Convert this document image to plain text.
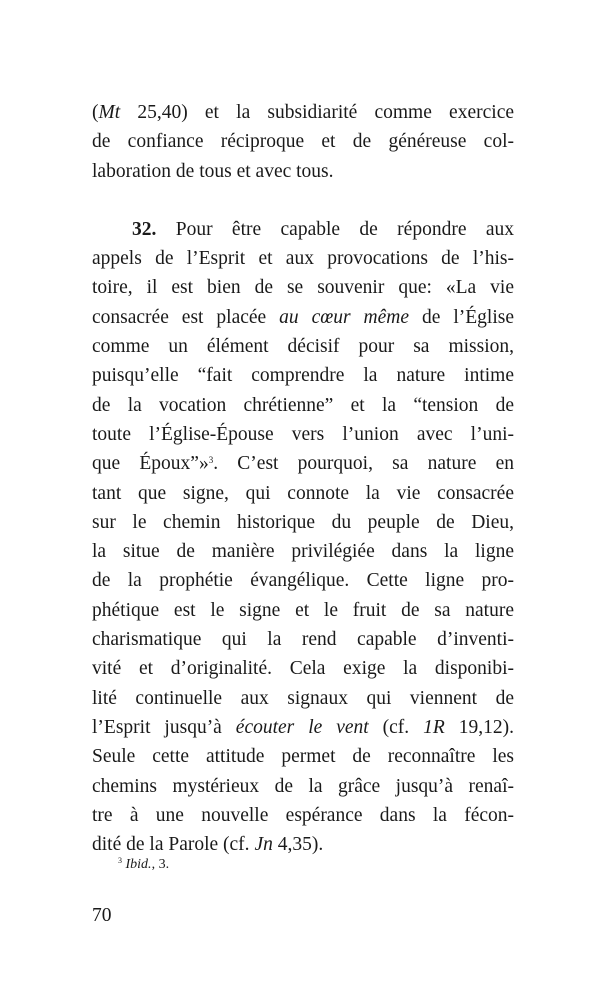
(Mt 25,40) et la subsidiarité comme exercice
de confiance réciproque et de généreuse col-
laboration de tous et avec tous.
32. Pour être capable de répondre aux
appels de l’Esprit et aux provocations de l’his-
toire, il est bien de se souvenir que: «La vie
consacrée est placée au cœur même de l’Église
comme un élément décisif pour sa mission,
puisqu’elle “fait comprendre la nature intime
de la vocation chrétienne” et la “tension de
toute l’Église-Épouse vers l’union avec l’uni-
que Époux”»$^3$. C’est pourquoi, sa nature en
tant que signe, qui connote la vie consacrée
sur le chemin historique du peuple de Dieu,
la situe de manière privilégiée dans la ligne
de la prophétie évangélique. Cette ligne pro-
phétique est le signe et le fruit de sa nature
charismatique qui la rend capable d’inventi-
vité et d’originalité. Cela exige la disponibi-
lité continuelle aux signaux qui viennent de
l’Esprit jusqu’à écouter le vent (cf. 1R 19,12).
Seule cette attitude permet de reconnaître les
chemins mystérieux de la grâce jusqu’à renaî-
tre à une nouvelle espérance dans la fécon-
dité de la Parole (cf. Jn 4,35).
$^3$ Ibid., 3.
70
